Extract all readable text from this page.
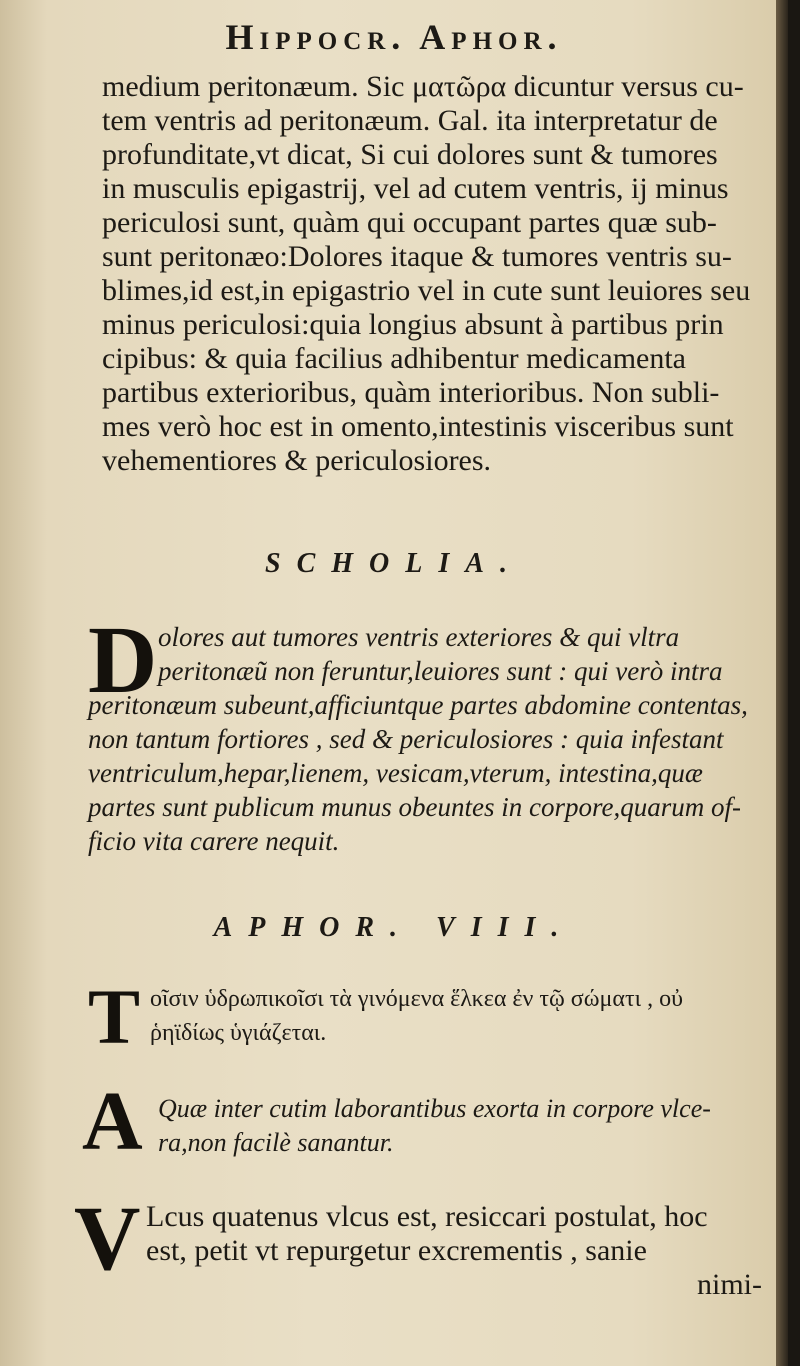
Hippocr. Aphor.
medium peritonæum. Sic ματῶρα dicuntur versus cu-
tem ventris ad peritonæum. Gal. ita interpretatur de
profunditate,vt dicat, Si cui dolores sunt & tumores
in musculis epigastrij, vel ad cutem ventris, ij minus
periculosi sunt, quàm qui occupant partes quæ sub-
sunt peritonæo:Dolores itaque & tumores ventris su-
blimes,id est,in epigastrio vel in cute sunt leuiores seu
minus periculosi:quia longius absunt à partibus prin
cipibus: & quia facilius adhibentur medicamenta
partibus exterioribus, quàm interioribus. Non subli-
mes verò hoc est in omento,intestinis visceribus sunt
vehementiores & periculosiores.
SCHOLIA.
D olores aut tumores ventris exteriores & qui vltra
peritonæũ non feruntur,leuiores sunt : qui verò intra
peritonæum subeunt,afficiuntque partes abdomine contentas,
non tantum fortiores , sed & periculosiores : quia infestant
ventriculum,hepar,lienem, vesicam,vterum, intestina,quæ
partes sunt publicum munus obeuntes in corpore,quarum of-
ficio vita carere nequit.
APHOR. VIII.
T οῖσιν ὑδρωπικοῖσι τὰ γινόμενα ἕλκεα ἐν τῷ σώματι , οὐ
ῥηϊδίως ὑγιάζεται.
A Quæ inter cutim laborantibus exorta in corpore vlce-
ra,non facilè sanantur.
V Lcus quatenus vlcus est, resiccari postulat, hoc
est, petit vt repurgetur excrementis , sanie
nimi-
